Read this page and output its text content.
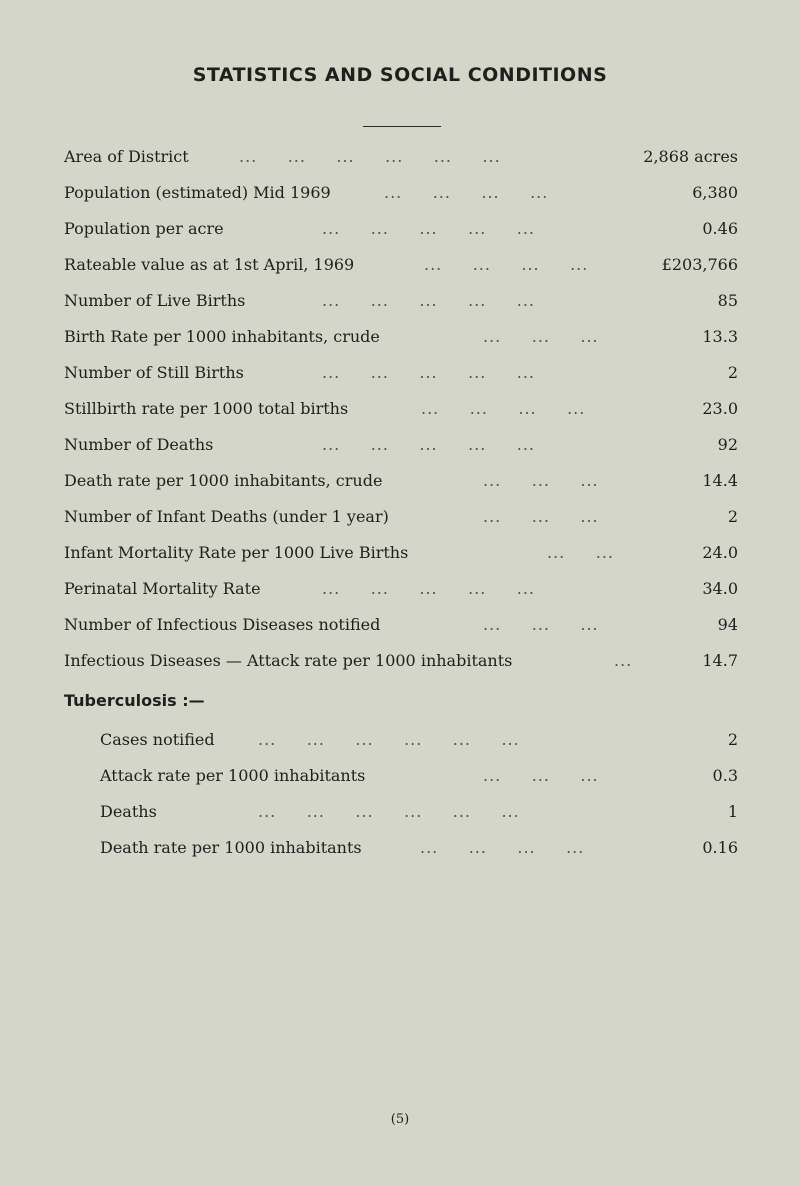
STATISTICS AND SOCIAL CONDITIONS
Area of District	...     ...     ...     ...     ...     ...	2,868 acres
Population (estimated) Mid 1969	...     ...     ...     ...	6,380
Population per acre	...     ...     ...     ...     ...	0.46
Rateable value as at 1st April, 1969	...     ...     ...     ...	£203,766
Number of Live Births	...     ...     ...     ...     ...	85
Birth Rate per 1000 inhabitants, crude	...     ...     ...	13.3
Number of Still Births	...     ...     ...     ...     ...	2
Stillbirth rate per 1000 total births	...     ...     ...     ...	23.0
Number of Deaths	...     ...     ...     ...     ...	92
Death rate per 1000 inhabitants, crude	...     ...     ...	14.4
Number of Infant Deaths (under 1 year)	...     ...     ...	2
Infant Mortality Rate per 1000 Live Births	...     ...	24.0
Perinatal Mortality Rate	...     ...     ...     ...     ...	34.0
Number of Infectious Diseases notified	...     ...     ...	94
Infectious Diseases — Attack rate per 1000 inhabitants	...	14.7
Tuberculosis :—
Cases notified	...     ...     ...     ...     ...     ...	2
Attack rate per 1000 inhabitants	...     ...     ...	0.3
Deaths	...     ...     ...     ...     ...     ...	1
Death rate per 1000 inhabitants	...     ...     ...     ...	0.16
(5)
